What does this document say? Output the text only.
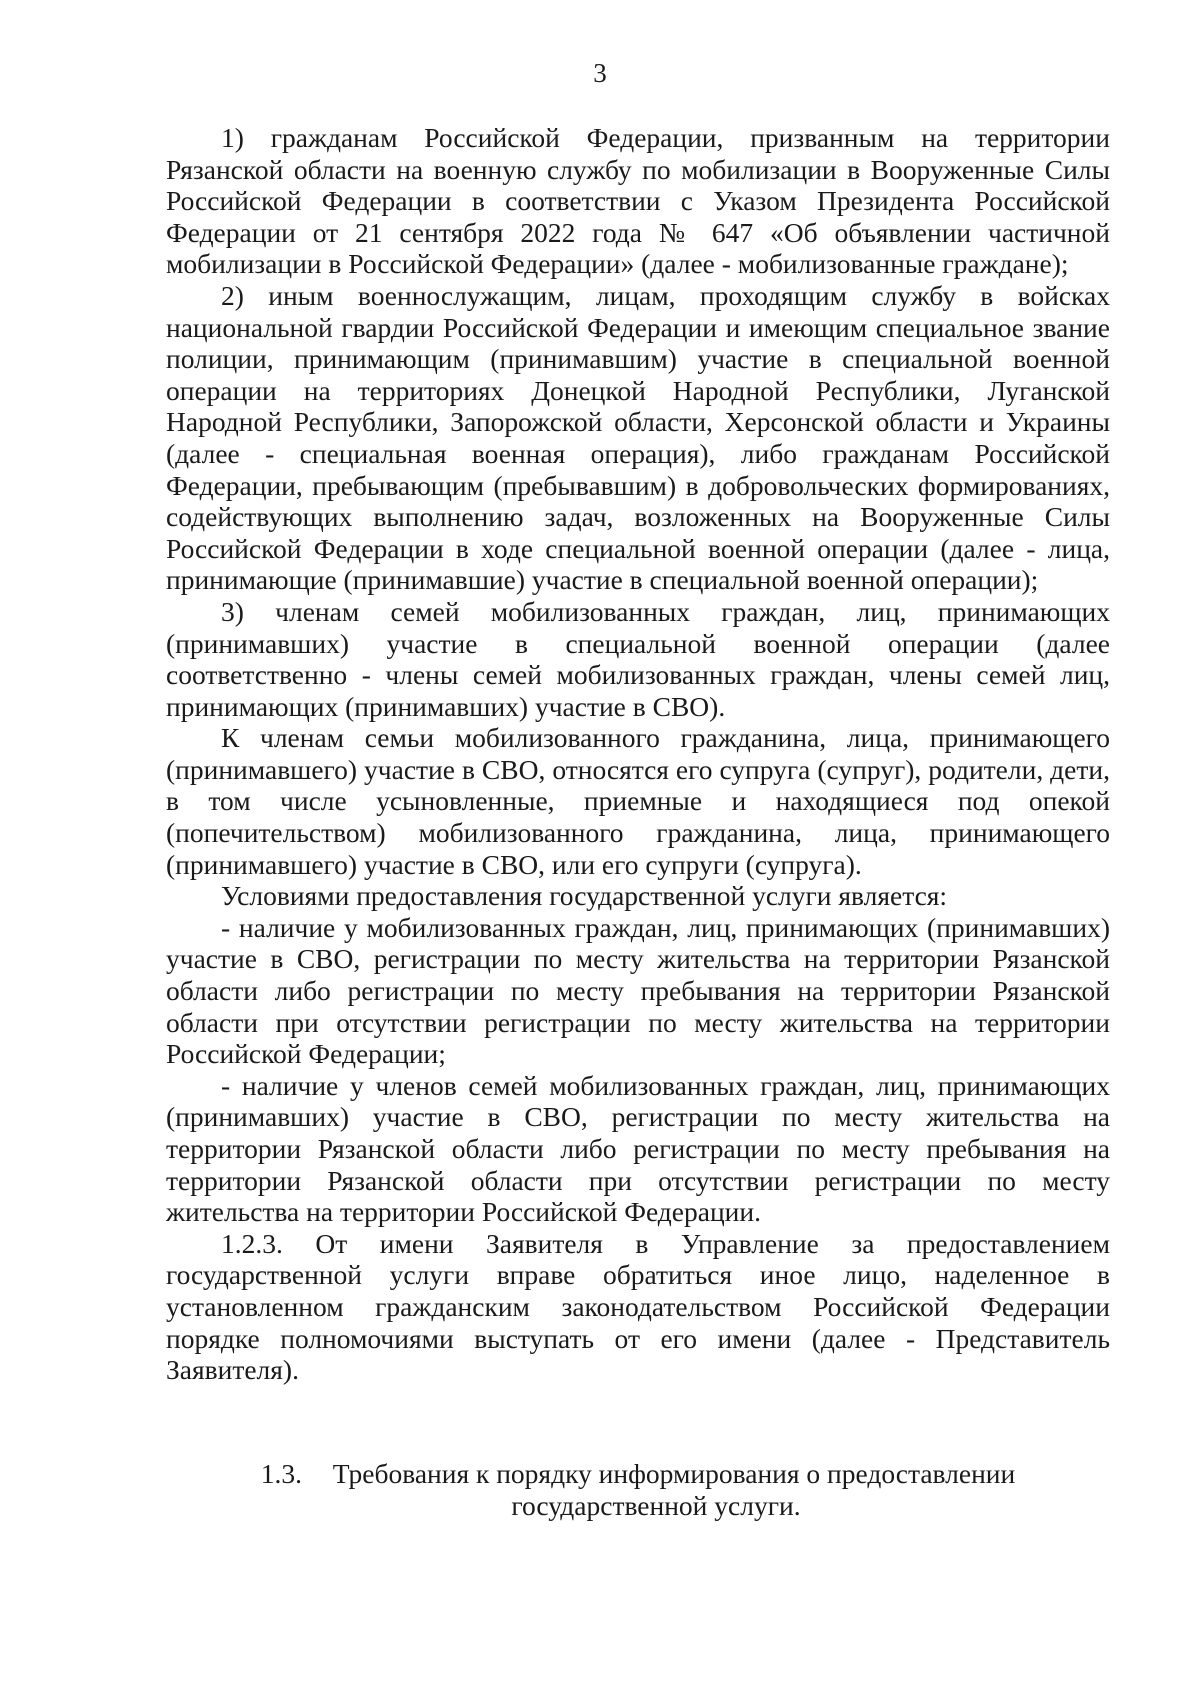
3

1) гражданам Российской Федерации, призванным на территории Рязанской области на военную службу по мобилизации в Вооруженные Силы Российской Федерации в соответствии с Указом Президента Российской Федерации от 21 сентября 2022 года № 647 «Об объявлении частичной мобилизации в Российской Федерации» (далее - мобилизованные граждане);

2) иным военнослужащим, лицам, проходящим службу в войсках национальной гвардии Российской Федерации и имеющим специальное звание полиции, принимающим (принимавшим) участие в специальной военной операции на территориях Донецкой Народной Республики, Луганской Народной Республики, Запорожской области, Херсонской области и Украины (далее - специальная военная операция), либо гражданам Российской Федерации, пребывающим (пребывавшим) в добровольческих формированиях, содействующих выполнению задач, возложенных на Вооруженные Силы Российской Федерации в ходе специальной военной операции (далее - лица, принимающие (принимавшие) участие в специальной военной операции);

3) членам семей мобилизованных граждан, лиц, принимающих (принимавших) участие в специальной военной операции (далее соответственно - члены семей мобилизованных граждан, члены семей лиц, принимающих (принимавших) участие в СВО).

К членам семьи мобилизованного гражданина, лица, принимающего (принимавшего) участие в СВО, относятся его супруга (супруг), родители, дети, в том числе усыновленные, приемные и находящиеся под опекой (попечительством) мобилизованного гражданина, лица, принимающего (принимавшего) участие в СВО, или его супруги (супруга).

Условиями предоставления государственной услуги является:

- наличие у мобилизованных граждан, лиц, принимающих (принимавших) участие в СВО, регистрации по месту жительства на территории Рязанской области либо регистрации по месту пребывания на территории Рязанской области при отсутствии регистрации по месту жительства на территории Российской Федерации;

- наличие у членов семей мобилизованных граждан, лиц, принимающих (принимавших) участие в СВО, регистрации по месту жительства на территории Рязанской области либо регистрации по месту пребывания на территории Рязанской области при отсутствии регистрации по месту жительства на территории Российской Федерации.

1.2.3. От имени Заявителя в Управление за предоставлением государственной услуги вправе обратиться иное лицо, наделенное в установленном гражданским законодательством Российской Федерации порядке полномочиями выступать от его имени (далее - Представитель Заявителя).

1.3. Требования к порядку информирования о предоставлении
государственной услуги.
